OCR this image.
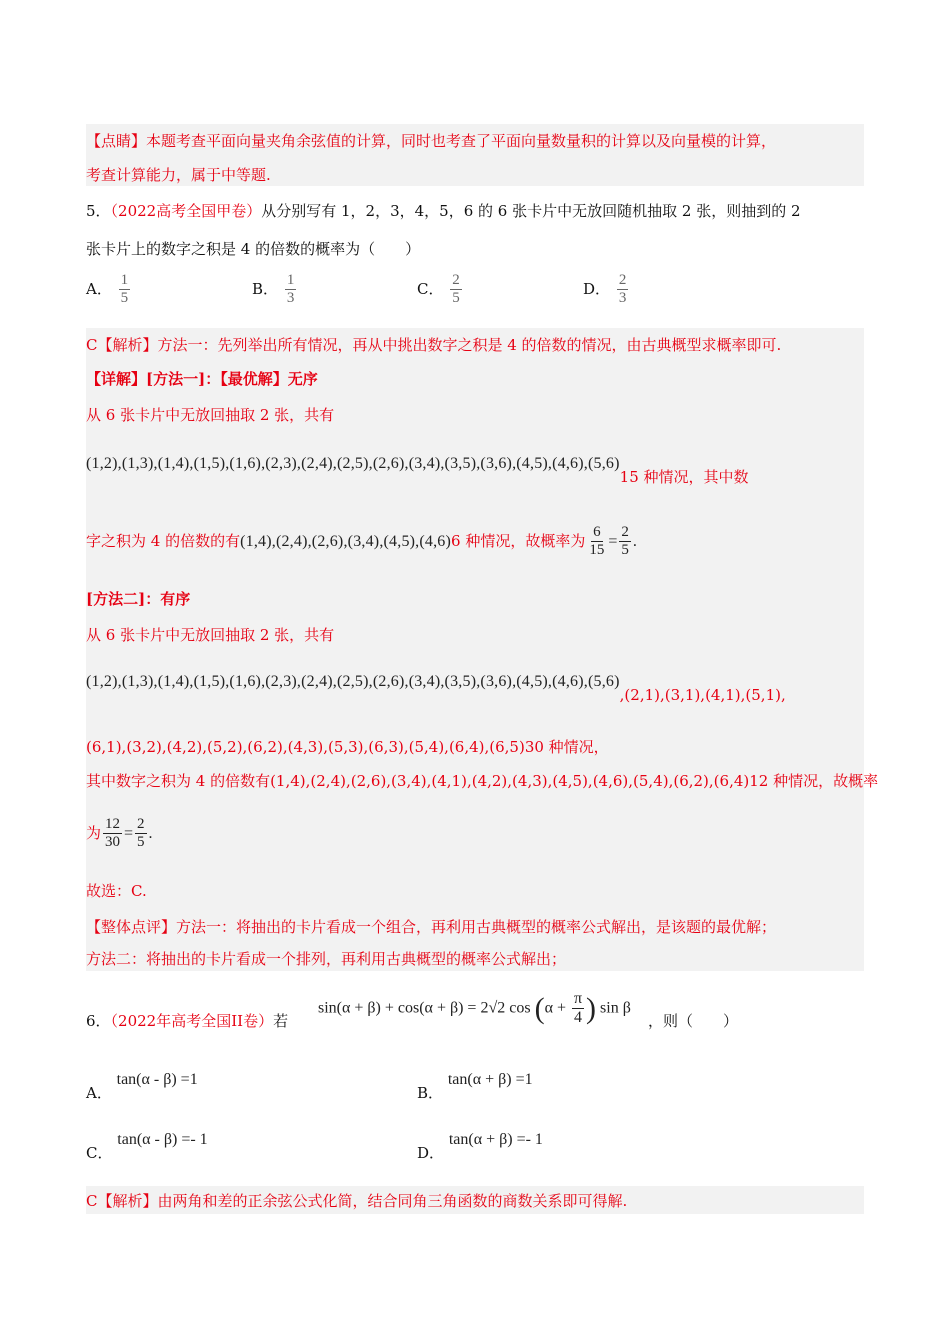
【点睛】本题考查平面向量夹角余弦值的计算，同时也考查了平面向量数量积的计算以及向量模的计算，
考查计算能力，属于中等题.
5．（2022高考全国甲卷）从分别写有 1，2，3，4，5，6 的 6 张卡片中无放回随机抽取 2 张，则抽到的 2
张卡片上的数字之积是 4 的倍数的概率为（　　）
A． $\frac{1}{5}$	B． $\frac{1}{3}$	C． $\frac{2}{5}$	D． $\frac{2}{3}$
C【解析】方法一：先列举出所有情况，再从中挑出数字之积是 4 的倍数的情况，由古典概型求概率即可.
【详解】[方法一]：【最优解】无序
从 6 张卡片中无放回抽取 2 张，共有
(1,2),(1,3),(1,4),(1,5),(1,6),(2,3),(2,4),(2,5),(2,6),(3,4),(3,5),(3,6),(4,5),(4,6),(5,6)15 种情况，其中数
字之积为 4 的倍数的有(1,4),(2,4),(2,6),(3,4),(4,5),(4,6)6 种情况，故概率为 $\frac{6}{15} = \frac{2}{5}$ .
[方法二]：有序
从 6 张卡片中无放回抽取 2 张，共有
(1,2),(1,3),(1,4),(1,5),(1,6),(2,3),(2,4),(2,5),(2,6),(3,4),(3,5),(3,6),(4,5),(4,6),(5,6),(2,1),(3,1),(4,1),(5,1),
(6,1),(3,2),(4,2),(5,2),(6,2),(4,3),(5,3),(6,3),(5,4),(6,4),(6,5)30 种情况，
其中数字之积为 4 的倍数有(1,4),(2,4),(2,6),(3,4),(4,1),(4,2),(4,3),(4,5),(4,6),(5,4),(6,2),(6,4)12 种情况，故概率
为 $\frac{12}{30} = \frac{2}{5}$ .
故选：C.
【整体点评】方法一：将抽出的卡片看成一个组合，再利用古典概型的概率公式解出，是该题的最优解；
方法二：将抽出的卡片看成一个排列，再利用古典概型的概率公式解出；
6．（2022年高考全国II卷）若
sin(α + β) + cos(α + β) = 2√2 $\cos (\alpha + \frac{\pi}{4}$ ) sin β
，则（　　）
A． tan(α - β) =1
B． tan(α + β) =1
C． tan(α - β) =- 1
D． tan(α + β) =- 1
C【解析】由两角和差的正余弦公式化简，结合同角三角函数的商数关系即可得解.
